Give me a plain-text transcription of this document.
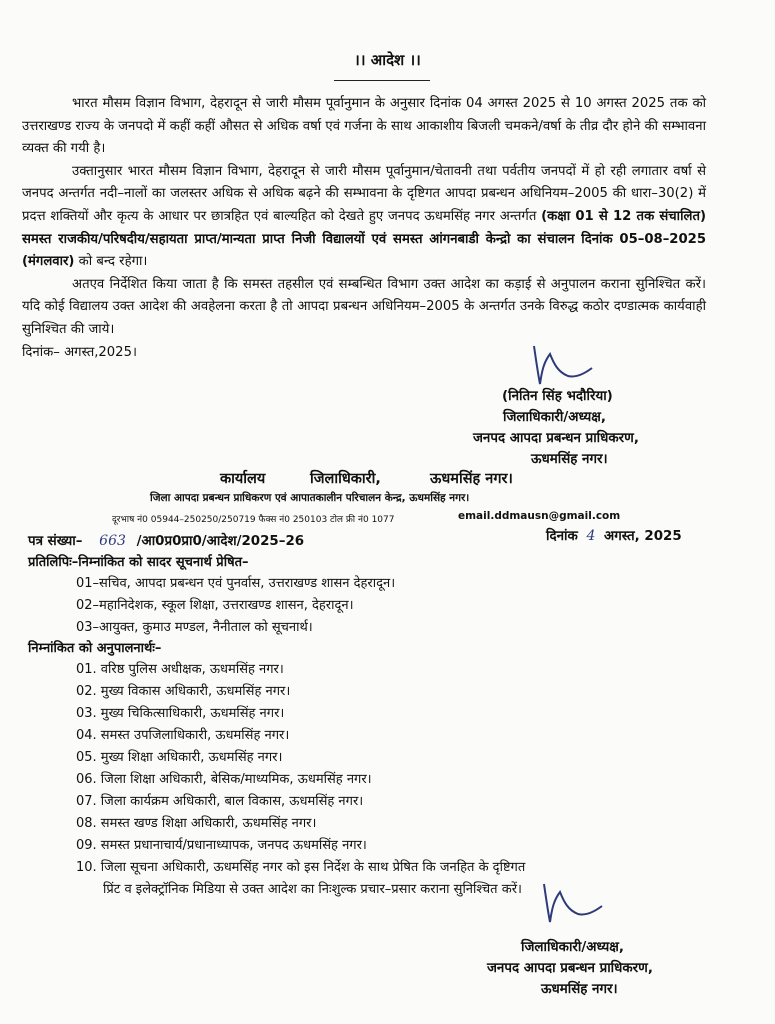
।। आदेश ।।

भारत मौसम विज्ञान विभाग, देहरादून से जारी मौसम पूर्वानुमान के अनुसार दिनांक 04 अगस्त 2025 से 10 अगस्त 2025 तक को उत्तराखण्ड राज्य के जनपदो में कहीं कहीं औसत से अधिक वर्षा एवं गर्जना के साथ आकाशीय बिजली चमकने/वर्षा के तीव्र दौर होने की सम्भावना व्यक्त की गयी है।

उक्तानुसार भारत मौसम विज्ञान विभाग, देहरादून से जारी मौसम पूर्वानुमान/चेतावनी तथा पर्वतीय जनपदों में हो रही लगातार वर्षा से जनपद अन्तर्गत नदी–नालों का जलस्तर अधिक से अधिक बढ़ने की सम्भावना के दृष्टिगत आपदा प्रबन्धन अधिनियम–2005 की धारा–30(2) में प्रदत्त शक्तियों और कृत्य के आधार पर छात्रहित एवं बाल्यहित को देखते हुए जनपद ऊधमसिंह नगर अन्तर्गत (कक्षा 01 से 12 तक संचालित) समस्त राजकीय/परिषदीय/सहायता प्राप्त/मान्यता प्राप्त निजी विद्यालयों एवं समस्त आंगनबाडी केन्द्रो का संचालन दिनांक 05–08–2025 (मंगलवार) को बन्द रहेगा।

अतएव निर्देशित किया जाता है कि समस्त तहसील एवं सम्बन्धित विभाग उक्त आदेश का कड़ाई से अनुपालन कराना सुनिश्चित करें। यदि कोई विद्यालय उक्त आदेश की अवहेलना करता है तो आपदा प्रबन्धन अधिनियम–2005 के अन्तर्गत उनके विरुद्ध कठोर दण्डात्मक कार्यवाही सुनिश्चित की जाये।

दिनांक– अगस्त,2025।

(नितिन सिंह भदौरिया)
जिलाधिकारी/अध्यक्ष,
जनपद आपदा प्रबन्धन प्राधिकरण,
ऊधमसिंह नगर।
कार्यालय	जिलाधिकारी,	ऊधमसिंह नगर।
जिला आपदा प्रबन्धन प्राधिकरण एवं आपातकालीन परिचालन केन्द्र, ऊधमसिंह नगर।
दूरभाष नं0 05944–250250/250719 फैक्स नं0 250103 टोल फ्री नं0 1077	email.ddmausn@gmail.com
पत्र संख्या– 663 /आ0प्र0प्रा0/आदेश/2025–26	दिनांक 4 अगस्त, 2025
प्रतिलिपिः–निम्नांकित को सादर सूचनार्थ प्रेषित–
01–सचिव, आपदा प्रबन्धन एवं पुनर्वास, उत्तराखण्ड शासन देहरादून।
02–महानिदेशक, स्कूल शिक्षा, उत्तराखण्ड शासन, देहरादून।
03–आयुक्त, कुमाउ मण्डल, नैनीताल को सूचनार्थ।
निम्नांकित को अनुपालनार्थः–
01. वरिष्ठ पुलिस अधीक्षक, ऊधमसिंह नगर।
02. मुख्य विकास अधिकारी, ऊधमसिंह नगर।
03. मुख्य चिकित्साधिकारी, ऊधमसिंह नगर।
04. समस्त उपजिलाधिकारी, ऊधमसिंह नगर।
05. मुख्य शिक्षा अधिकारी, ऊधमसिंह नगर।
06. जिला शिक्षा अधिकारी, बेसिक/माध्यमिक, ऊधमसिंह नगर।
07. जिला कार्यक्रम अधिकारी, बाल विकास, ऊधमसिंह नगर।
08. समस्त खण्ड शिक्षा अधिकारी, ऊधमसिंह नगर।
09. समस्त प्रधानाचार्य/प्रधानाध्यापक, जनपद ऊधमसिंह नगर।
10. जिला सूचना अधिकारी, ऊधमसिंह नगर को इस निर्देश के साथ प्रेषित कि जनहित के दृष्टिगत
प्रिंट व इलेक्ट्रॉनिक मिडिया से उक्त आदेश का निःशुल्क प्रचार–प्रसार कराना सुनिश्चित करें।
जिलाधिकारी/अध्यक्ष,
जनपद आपदा प्रबन्धन प्राधिकरण,
ऊधमसिंह नगर।
